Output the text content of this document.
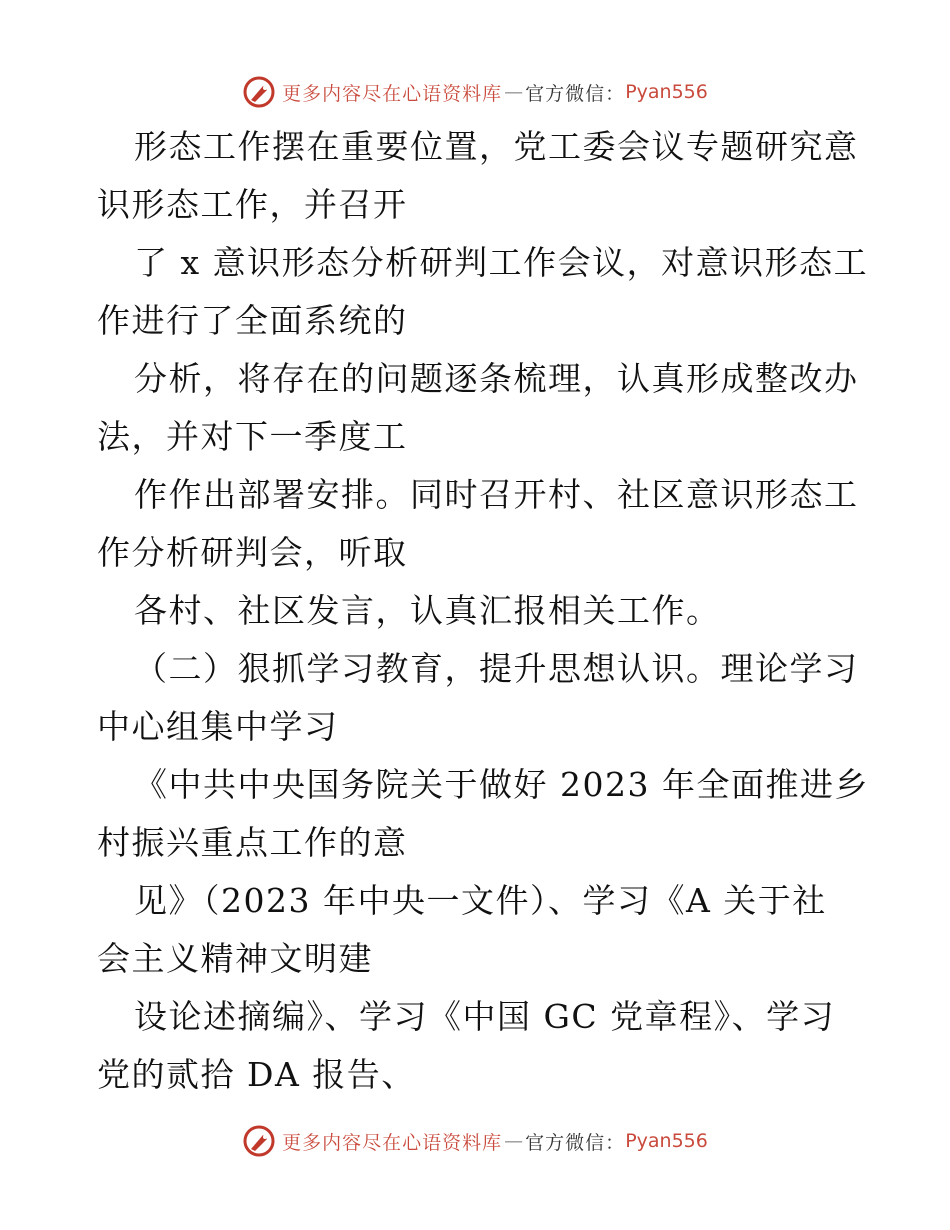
更多内容尽在心语资料库 — 官方微信： Pyan556
形态工作摆在重要位置，党工委会议专题研究意
识形态工作，并召开
了 x 意识形态分析研判工作会议，对意识形态工
作进行了全面系统的
分析，将存在的问题逐条梳理，认真形成整改办
法，并对下一季度工
作作出部署安排。同时召开村、社区意识形态工
作分析研判会，听取
各村、社区发言，认真汇报相关工作。
（二）狠抓学习教育，提升思想认识。理论学习
中心组集中学习
《中共中央国务院关于做好 2023 年全面推进乡
村振兴重点工作的意
见》（2023 年中央一文件）、学习《A 关于社
会主义精神文明建
设论述摘编》、学习《中国 GC 党章程》、学习
党的贰拾 DA 报告、
更多内容尽在心语资料库 — 官方微信： Pyan556
